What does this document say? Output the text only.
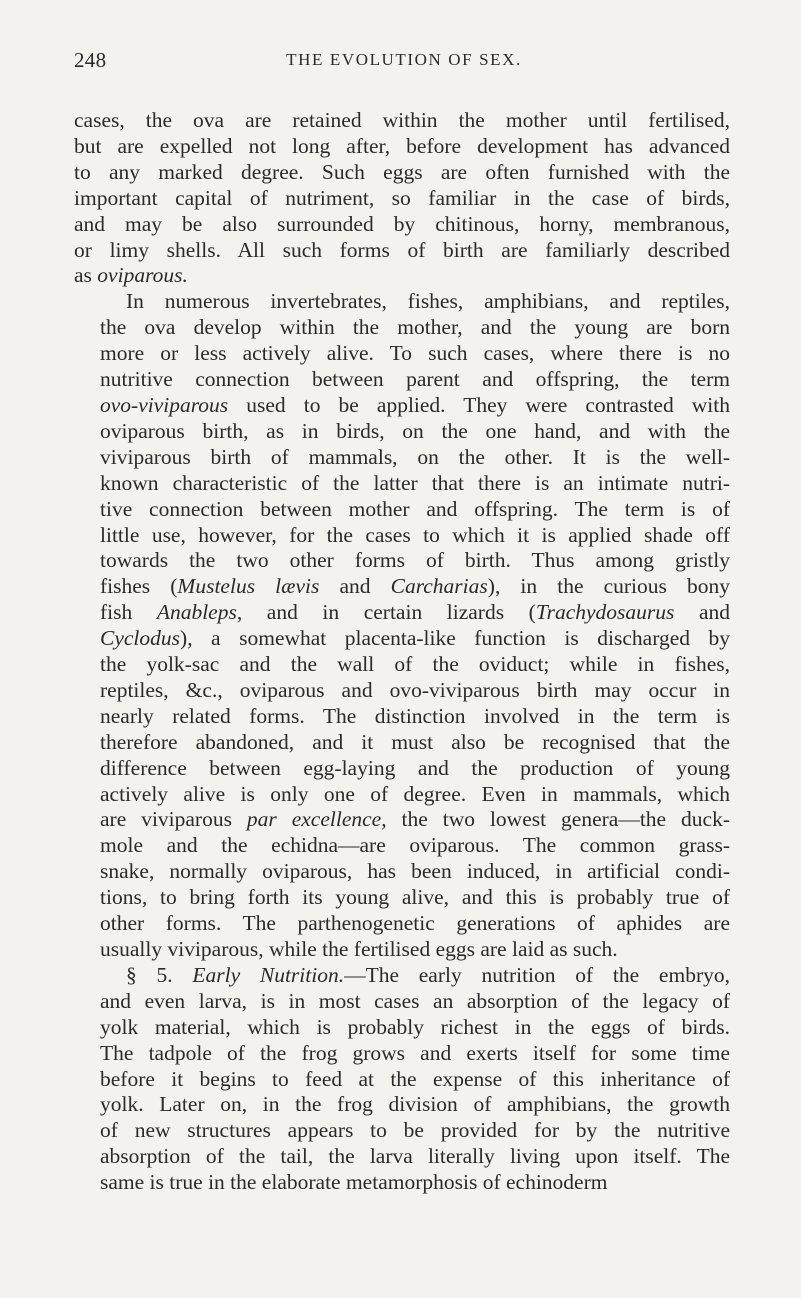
248	THE EVOLUTION OF SEX.

cases, the ova are retained within the mother until fertilised,
but are expelled not long after, before development has advanced
to any marked degree. Such eggs are often furnished with the
important capital of nutriment, so familiar in the case of birds,
and may be also surrounded by chitinous, horny, membranous,
or limy shells. All such forms of birth are familiarly described
as oviparous.

In numerous invertebrates, fishes, amphibians, and reptiles,
the ova develop within the mother, and the young are born
more or less actively alive. To such cases, where there is no
nutritive connection between parent and offspring, the term
ovo-viviparous used to be applied. They were contrasted with
oviparous birth, as in birds, on the one hand, and with the
viviparous birth of mammals, on the other. It is the well-
known characteristic of the latter that there is an intimate nutri-
tive connection between mother and offspring. The term is of
little use, however, for the cases to which it is applied shade off
towards the two other forms of birth. Thus among gristly
fishes (Mustelus lævis and Carcharias), in the curious bony
fish Anableps, and in certain lizards (Trachydosaurus and
Cyclodus), a somewhat placenta-like function is discharged by
the yolk-sac and the wall of the oviduct; while in fishes,
reptiles, &c., oviparous and ovo-viviparous birth may occur in
nearly related forms. The distinction involved in the term is
therefore abandoned, and it must also be recognised that the
difference between egg-laying and the production of young
actively alive is only one of degree. Even in mammals, which
are viviparous par excellence, the two lowest genera—the duck-
mole and the echidna—are oviparous. The common grass-
snake, normally oviparous, has been induced, in artificial condi-
tions, to bring forth its young alive, and this is probably true of
other forms. The parthenogenetic generations of aphides are
usually viviparous, while the fertilised eggs are laid as such.

§ 5. Early Nutrition.—The early nutrition of the embryo,
and even larva, is in most cases an absorption of the legacy of
yolk material, which is probably richest in the eggs of birds.
The tadpole of the frog grows and exerts itself for some time
before it begins to feed at the expense of this inheritance of
yolk. Later on, in the frog division of amphibians, the growth
of new structures appears to be provided for by the nutritive
absorption of the tail, the larva literally living upon itself. The
same is true in the elaborate metamorphosis of echinoderm
